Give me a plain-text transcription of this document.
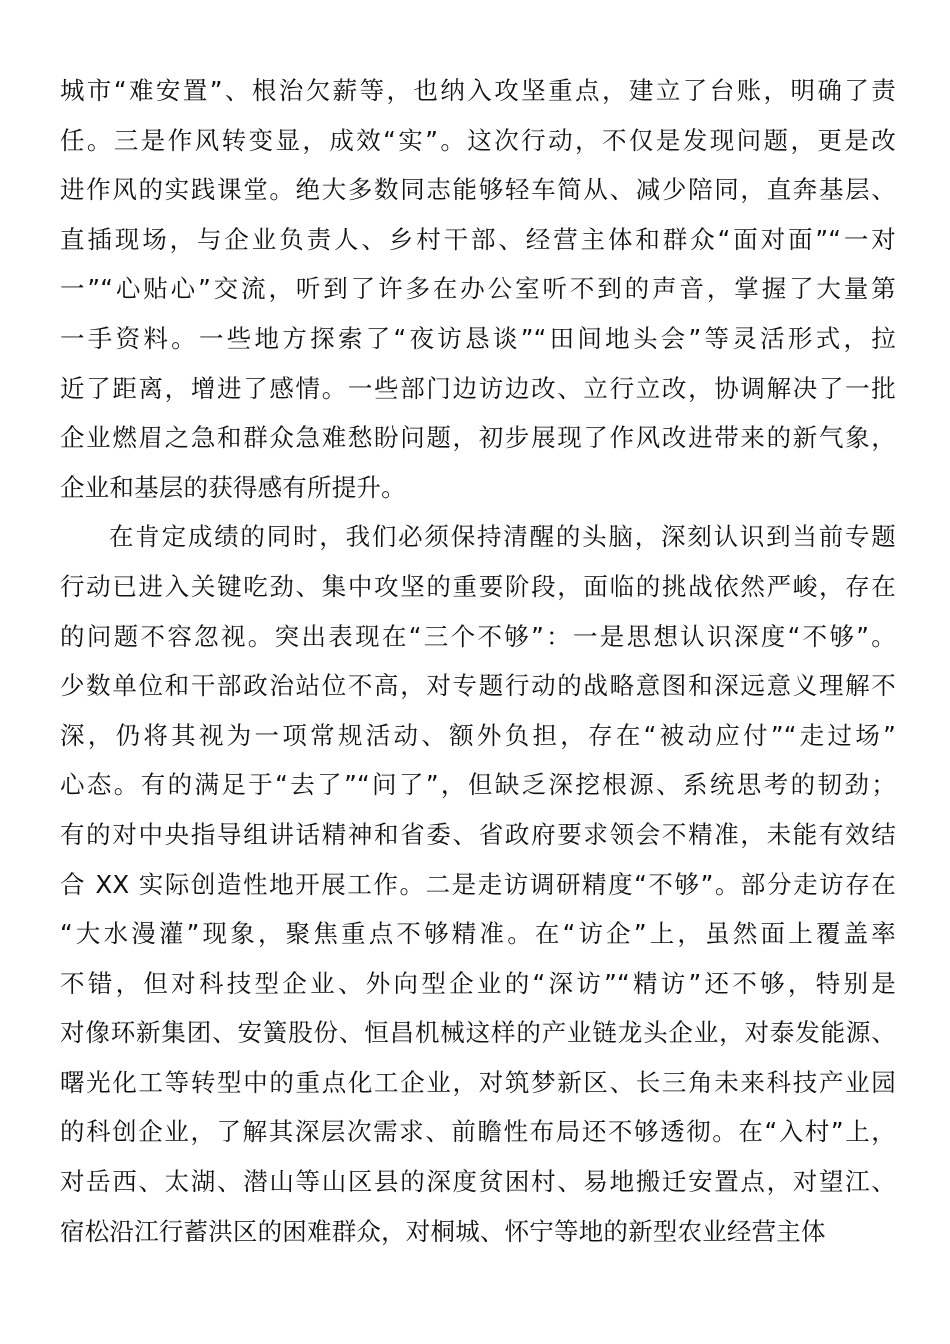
城市“难安置”、根治欠薪等，也纳入攻坚重点，建立了台账，明确了责
任。三是作风转变显，成效“实”。这次行动，不仅是发现问题，更是改
进作风的实践课堂。绝大多数同志能够轻车简从、减少陪同，直奔基层、
直插现场，与企业负责人、乡村干部、经营主体和群众“面对面”“一对
一”“心贴心”交流，听到了许多在办公室听不到的声音，掌握了大量第
一手资料。一些地方探索了“夜访恳谈”“田间地头会”等灵活形式，拉
近了距离，增进了感情。一些部门边访边改、立行立改，协调解决了一批
企业燃眉之急和群众急难愁盼问题，初步展现了作风改进带来的新气象，
企业和基层的获得感有所提升。
在肯定成绩的同时，我们必须保持清醒的头脑，深刻认识到当前专题
行动已进入关键吃劲、集中攻坚的重要阶段，面临的挑战依然严峻，存在
的问题不容忽视。突出表现在“三个不够”：一是思想认识深度“不够”。
少数单位和干部政治站位不高，对专题行动的战略意图和深远意义理解不
深，仍将其视为一项常规活动、额外负担，存在“被动应付”“走过场”
心态。有的满足于“去了”“问了”，但缺乏深挖根源、系统思考的韧劲；
有的对中央指导组讲话精神和省委、省政府要求领会不精准，未能有效结
合 XX 实际创造性地开展工作。二是走访调研精度“不够”。部分走访存在
“大水漫灌”现象，聚焦重点不够精准。在“访企”上，虽然面上覆盖率
不错，但对科技型企业、外向型企业的“深访”“精访”还不够，特别是
对像环新集团、安簧股份、恒昌机械这样的产业链龙头企业，对泰发能源、
曙光化工等转型中的重点化工企业，对筑梦新区、长三角未来科技产业园
的科创企业，了解其深层次需求、前瞻性布局还不够透彻。在“入村”上，
对岳西、太湖、潜山等山区县的深度贫困村、易地搬迁安置点，对望江、
宿松沿江行蓄洪区的困难群众，对桐城、怀宁等地的新型农业经营主体
